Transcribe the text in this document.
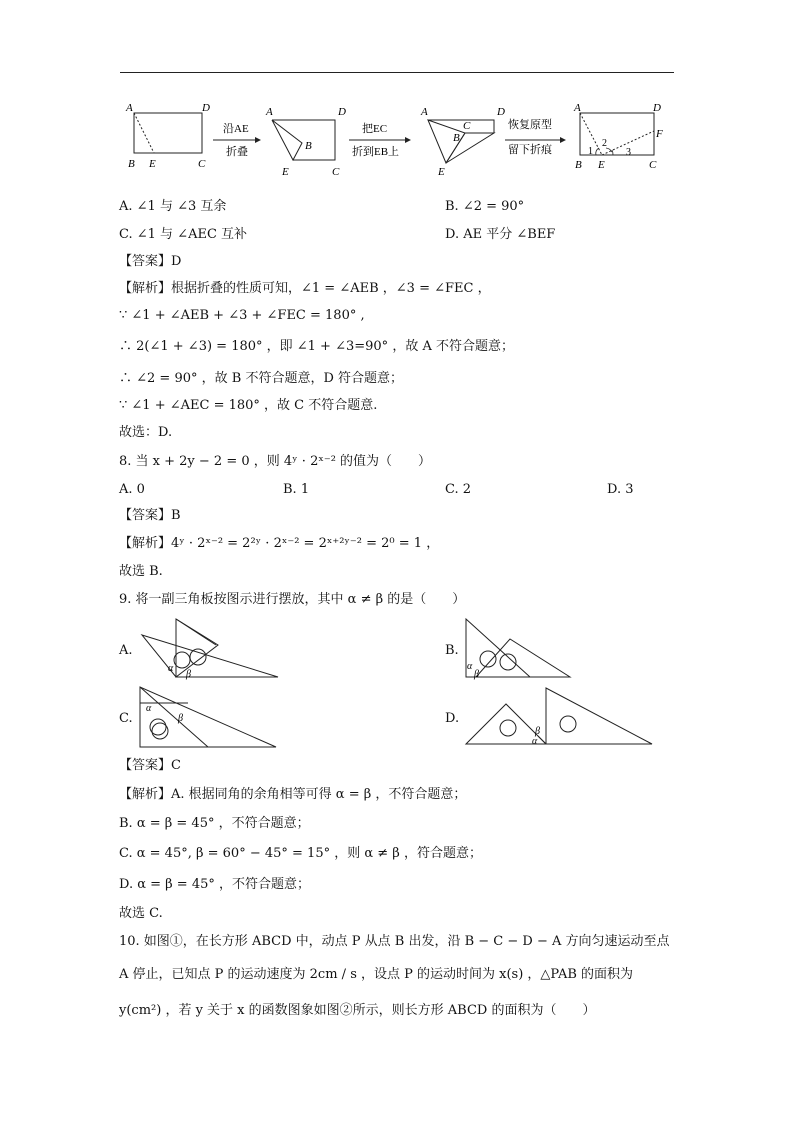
A	D
B E	C
沿AE
折叠
A	D
B
E	C
把EC
折到EB上
A	D
B
C
E
恢复原型
留下折痕
A	D
F
B E	C
1
2
3
A. ∠1 与 ∠3 互余	B. ∠2 = 90°
C. ∠1 与 ∠AEC 互补	D. AE 平分 ∠BEF
【答案】D
【解析】根据折叠的性质可知，∠1 = ∠AEB ，∠3 = ∠FEC ，
∵ ∠1 + ∠AEB + ∠3 + ∠FEC = 180° ,
∴ 2(∠1 + ∠3) = 180° ，即 ∠1 + ∠3=90° ，故 A 不符合题意；
∴ ∠2 = 90° ，故 B 不符合题意，D 符合题意；
∵ ∠1 + ∠AEC = 180° ，故 C 不符合题意.
故选：D.
8. 当 x + 2y − 2 = 0 ，则 4ʸ · 2ˣ⁻² 的值为（　　）
A. 0	B. 1	C. 2	D. 3
【答案】B
【解析】4ʸ · 2ˣ⁻² = 2²ʸ · 2ˣ⁻² = 2ˣ⁺²ʸ⁻² = 2⁰ = 1 ，
故选 B.
9. 将一副三角板按图示进行摆放，其中 α ≠ β 的是（　　）
A.
α
β
B.
α
β
C.
α
β	D.
β
α
【答案】C
【解析】A. 根据同角的余角相等可得 α = β ，不符合题意；
B. α = β = 45° ，不符合题意；
C. α = 45°, β = 60° − 45° = 15° ，则 α ≠ β ，符合题意；
D. α = β = 45° ，不符合题意；
故选 C.
10. 如图①，在长方形 ABCD 中，动点 P 从点 B 出发，沿 B − C − D − A 方向匀速运动至点
A 停止，已知点 P 的运动速度为 2cm / s ，设点 P 的运动时间为 x(s) ，△PAB 的面积为
y(cm²) ，若 y 关于 x 的函数图象如图②所示，则长方形 ABCD 的面积为（　　）
